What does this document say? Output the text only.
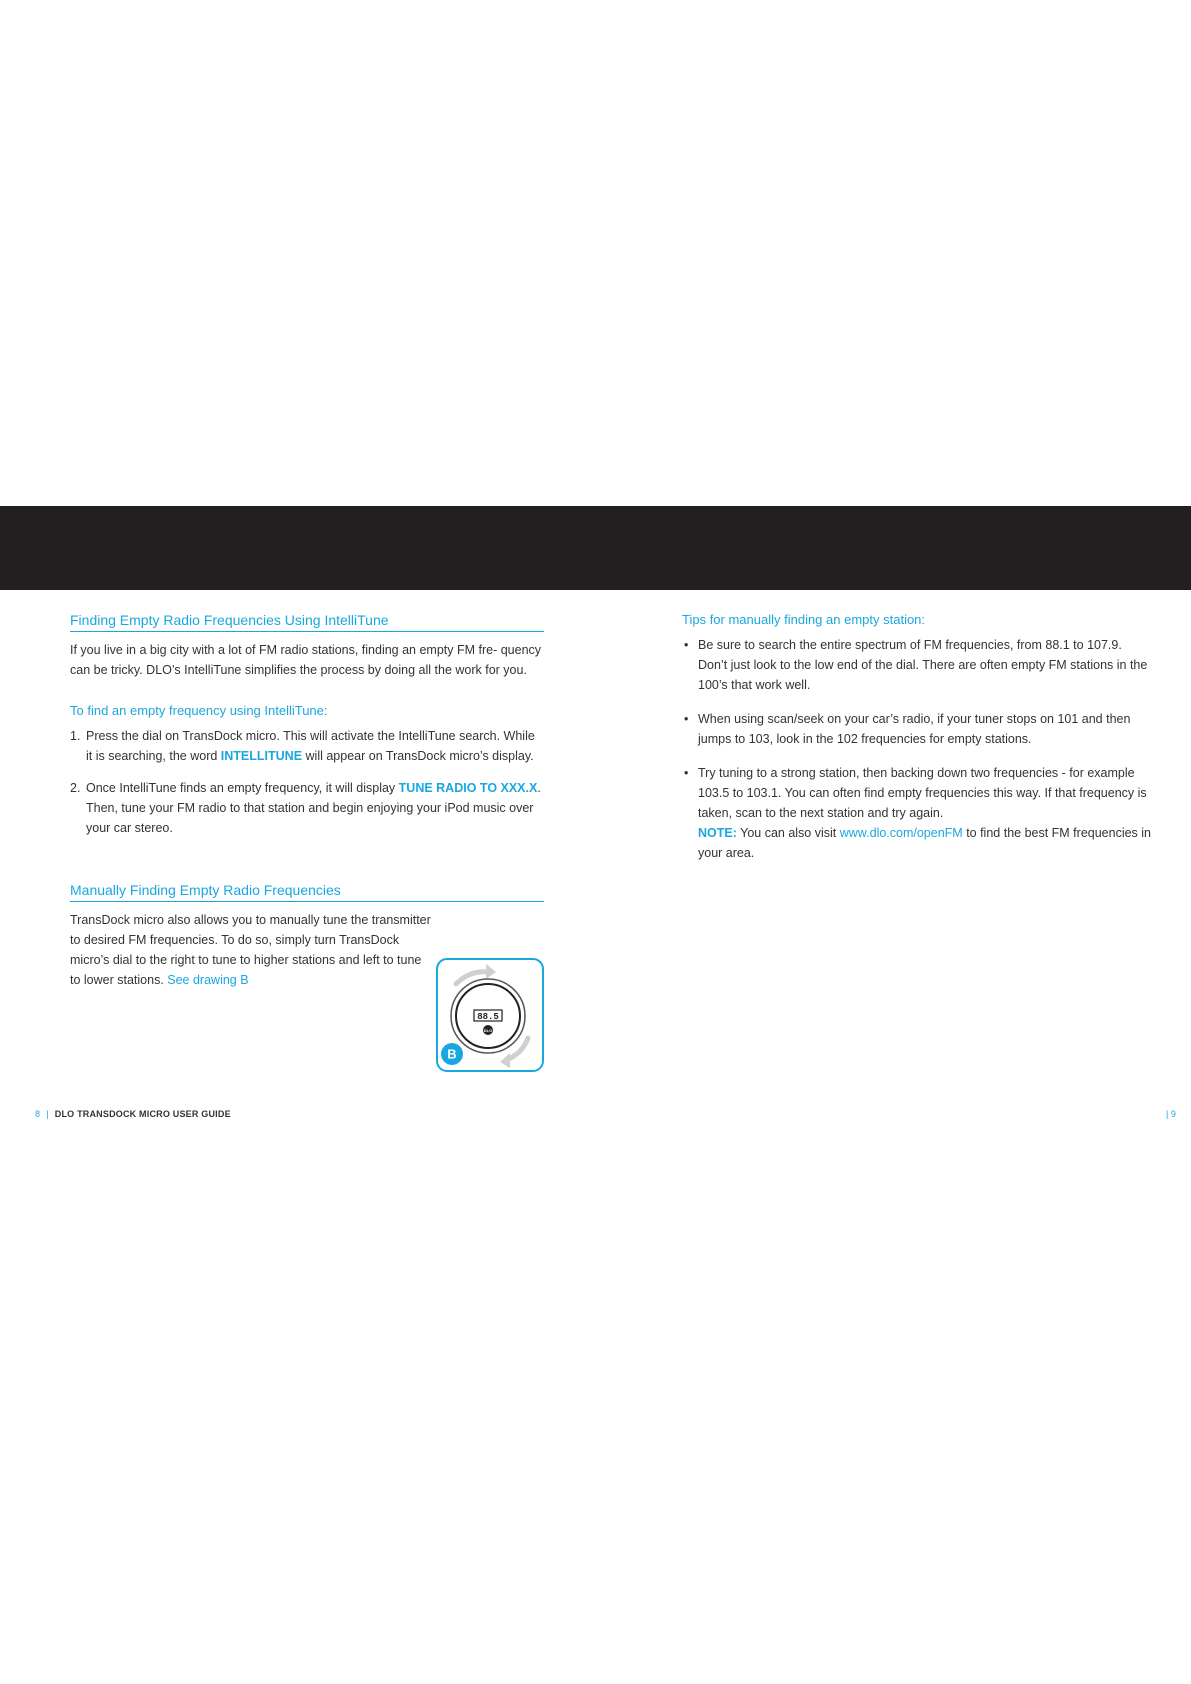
Finding Empty Radio Frequencies Using IntelliTune

If you live in a big city with a lot of FM radio stations, finding an empty FM fre- quency can be tricky. DLO’s IntelliTune simplifies the process by doing all the work for you.

To find an empty frequency using IntelliTune:
1. Press the dial on TransDock micro. This will activate the IntelliTune search. While it is searching, the word INTELLITUNE will appear on TransDock micro’s display.
2. Once IntelliTune finds an empty frequency, it will display TUNE RADIO TO XXX.X. Then, tune your FM radio to that station and begin enjoying your iPod music over your car stereo.
Manually Finding Empty Radio Frequencies

TransDock micro also allows you to manually tune the transmitter to desired FM frequencies. To do so, simply turn TransDock micro’s dial to the right to tune to higher stations and left to tune to lower stations. See drawing B

88.5
DLO
B
Tips for manually finding an empty station:
• Be sure to search the entire spectrum of FM frequencies, from 88.1 to 107.9. Don’t just look to the low end of the dial. There are often empty FM stations in the 100’s that work well.
• When using scan/seek on your car’s radio, if your tuner stops on 101 and then jumps to 103, look in the 102 frequencies for empty stations.
• Try tuning to a strong station, then backing down two frequencies - for example 103.5 to 103.1. You can often find empty frequencies this way. If that frequency is taken, scan to the next station and try again.
NOTE: You can also visit www.dlo.com/openFM to find the best FM frequencies in your area.
8 | DLO TRANSDOCK MICRO USER GUIDE	| 9
